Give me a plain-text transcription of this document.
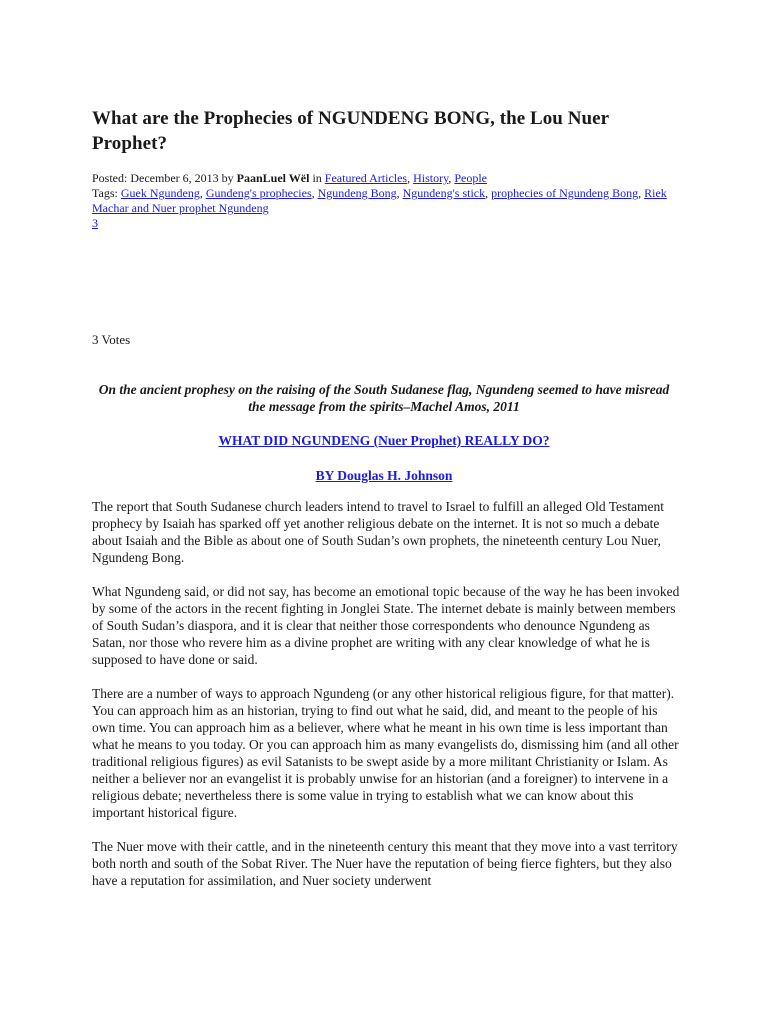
What are the Prophecies of NGUNDENG BONG, the Lou Nuer Prophet?
Posted: December 6, 2013 by PaanLuel Wël in Featured Articles, History, People
Tags: Guek Ngundeng, Gundeng's prophecies, Ngundeng Bong, Ngundeng's stick, prophecies of Ngundeng Bong, Riek Machar and Nuer prophet Ngundeng
3
3 Votes
On the ancient prophesy on the raising of the South Sudanese flag, Ngundeng seemed to have misread the message from the spirits–Machel Amos, 2011
WHAT DID NGUNDENG (Nuer Prophet) REALLY DO?
BY Douglas H. Johnson

The report that South Sudanese church leaders intend to travel to Israel to fulfill an alleged Old Testament prophecy by Isaiah has sparked off yet another religious debate on the internet. It is not so much a debate about Isaiah and the Bible as about one of South Sudan’s own prophets, the nineteenth century Lou Nuer, Ngundeng Bong.

What Ngundeng said, or did not say, has become an emotional topic because of the way he has been invoked by some of the actors in the recent fighting in Jonglei State. The internet debate is mainly between members of South Sudan’s diaspora, and it is clear that neither those correspondents who denounce Ngundeng as Satan, nor those who revere him as a divine prophet are writing with any clear knowledge of what he is supposed to have done or said.

There are a number of ways to approach Ngundeng (or any other historical religious figure, for that matter). You can approach him as an historian, trying to find out what he said, did, and meant to the people of his own time. You can approach him as a believer, where what he meant in his own time is less important than what he means to you today. Or you can approach him as many evangelists do, dismissing him (and all other traditional religious figures) as evil Satanists to be swept aside by a more militant Christianity or Islam. As neither a believer nor an evangelist it is probably unwise for an historian (and a foreigner) to intervene in a religious debate; nevertheless there is some value in trying to establish what we can know about this important historical figure.

The Nuer move with their cattle, and in the nineteenth century this meant that they move into a vast territory both north and south of the Sobat River. The Nuer have the reputation of being fierce fighters, but they also have a reputation for assimilation, and Nuer society underwent
